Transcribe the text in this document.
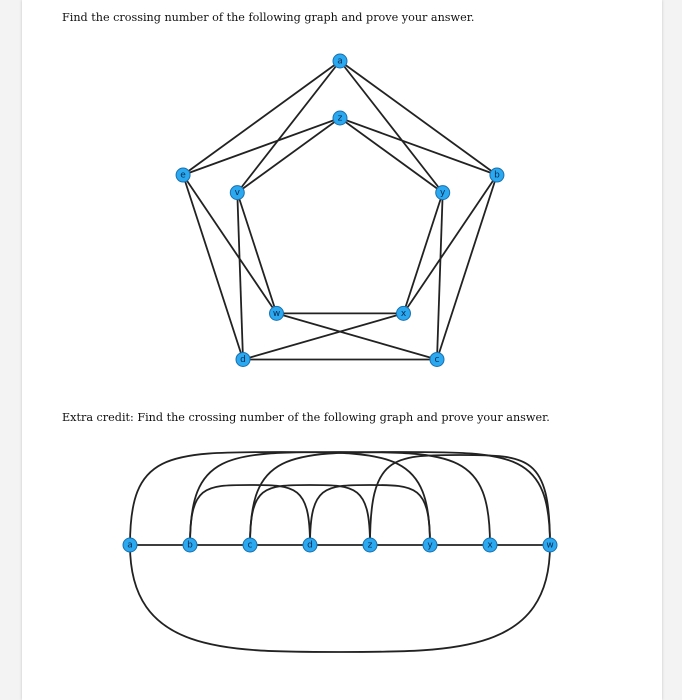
Find the crossing number of the following graph and prove your answer.
Extra credit: Find the crossing number of the following graph and prove your answer.
a
b
c
d
e
z
y
x
w
v
a	b	c	d	z	y	x	w
